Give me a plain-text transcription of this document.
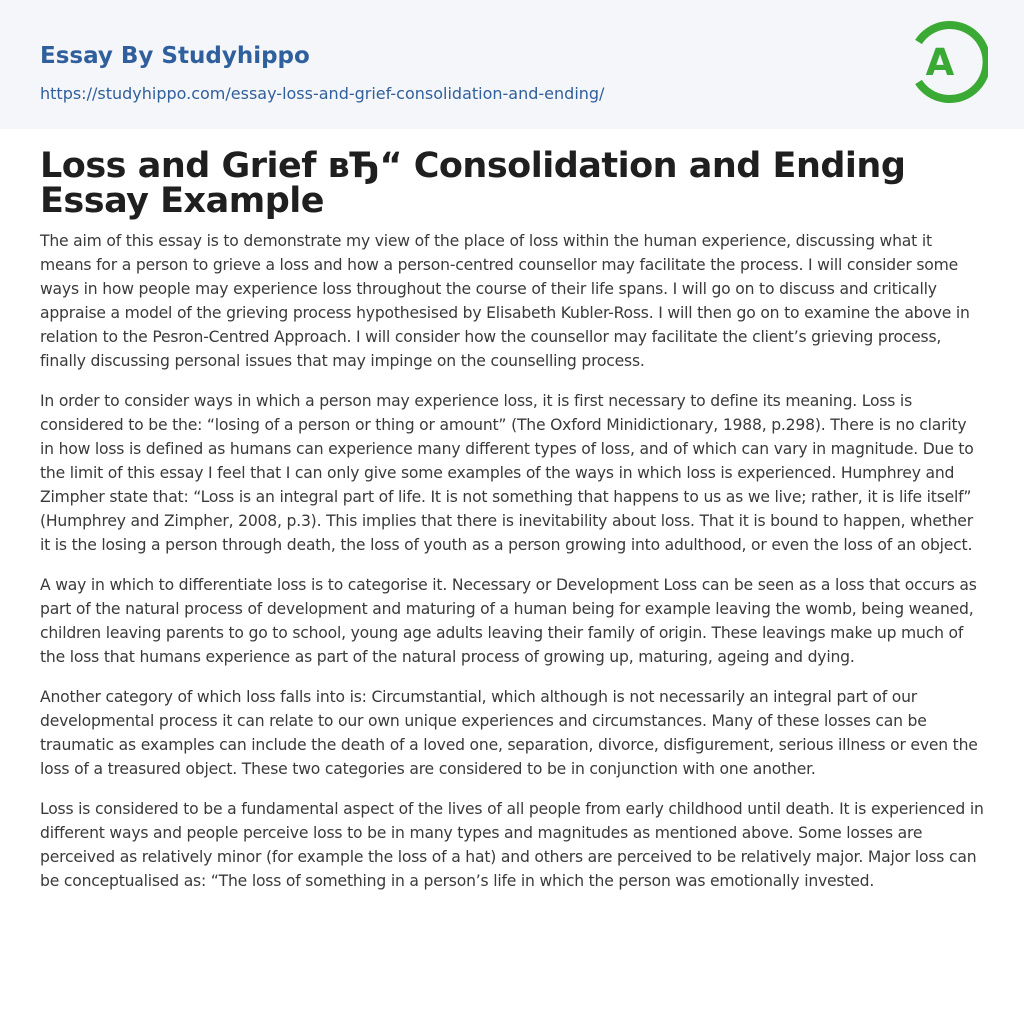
Essay By Studyhippo
https://studyhippo.com/essay-loss-and-grief-consolidation-and-ending/
A
Loss and Grief вЂ“ Consolidation and Ending Essay Example

The aim of this essay is to demonstrate my view of the place of loss within the human experience, discussing what it means for a person to grieve a loss and how a person-centred counsellor may facilitate the process. I will consider some ways in how people may experience loss throughout the course of their life spans. I will go on to discuss and critically appraise a model of the grieving process hypothesised by Elisabeth Kubler-Ross. I will then go on to examine the above in relation to the Pesron-Centred Approach. I will consider how the counsellor may facilitate the client’s grieving process, finally discussing personal issues that may impinge on the counselling process.

In order to consider ways in which a person may experience loss, it is first necessary to define its meaning. Loss is considered to be the: “losing of a person or thing or amount” (The Oxford Minidictionary, 1988, p.298). There is no clarity in how loss is defined as humans can experience many different types of loss, and of which can vary in magnitude. Due to the limit of this essay I feel that I can only give some examples of the ways in which loss is experienced. Humphrey and Zimpher state that: “Loss is an integral part of life. It is not something that happens to us as we live; rather, it is life itself” (Humphrey and Zimpher, 2008, p.3). This implies that there is inevitability about loss. That it is bound to happen, whether it is the losing a person through death, the loss of youth as a person growing into adulthood, or even the loss of an object.

A way in which to differentiate loss is to categorise it. Necessary or Development Loss can be seen as a loss that occurs as part of the natural process of development and maturing of a human being for example leaving the womb, being weaned, children leaving parents to go to school, young age adults leaving their family of origin. These leavings make up much of the loss that humans experience as part of the natural process of growing up, maturing, ageing and dying.

Another category of which loss falls into is: Circumstantial, which although is not necessarily an integral part of our developmental process it can relate to our own unique experiences and circumstances. Many of these losses can be traumatic as examples can include the death of a loved one, separation, divorce, disfigurement, serious illness or even the loss of a treasured object. These two categories are considered to be in conjunction with one another.

Loss is considered to be a fundamental aspect of the lives of all people from early childhood until death. It is experienced in different ways and people perceive loss to be in many types and magnitudes as mentioned above. Some losses are perceived as relatively minor (for example the loss of a hat) and others are perceived to be relatively major. Major loss can be conceptualised as: “The loss of something in a person’s life in which the person was emotionally invested.
